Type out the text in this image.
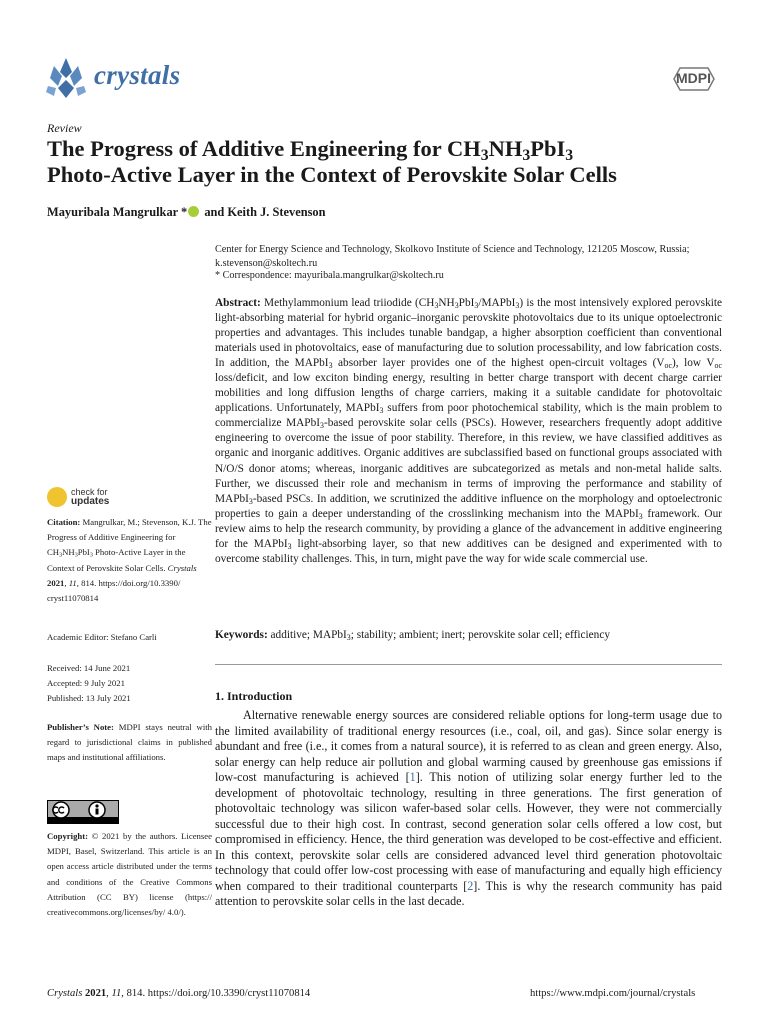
crystals	MDPI
Review
The Progress of Additive Engineering for $CH_3NH_3PbI_3$
Photo-Active Layer in the Context of Perovskite Solar Cells
Mayuribala Mangrulkar * and Keith J. Stevenson
Center for Energy Science and Technology, Skolkovo Institute of Science and Technology, 121205 Moscow, Russia;
k.stevenson@skoltech.ru
* Correspondence: mayuribala.mangrulkar@skoltech.ru
Abstract: Methylammonium lead triiodide $(CH_3NH_3PbI_3/MAPbI_3)$ is the most intensively explored perovskite light-absorbing material for hybrid organic–inorganic perovskite photovoltaics due to its unique optoelectronic properties and advantages. This includes tunable bandgap, a higher absorption coefficient than conventional materials used in photovoltaics, ease of manufacturing due to solution processability, and low fabrication costs. In addition, the MAPbI$_3$ absorber layer provides one of the highest open-circuit voltages $(V_{oc})$, low $V_{oc}$ loss/deficit, and low exciton binding energy, resulting in better charge transport with decent charge carrier mobilities and long diffusion lengths of charge carriers, making it a suitable candidate for photovoltaic applications. Unfortunately, MAPbI$_3$ suffers from poor photochemical stability, which is the main problem to commercialize MAPbI$_3$-based perovskite solar cells (PSCs). However, researchers frequently adopt additive engineering to overcome the issue of poor stability. Therefore, in this review, we have classified additives as organic and inorganic additives. Organic additives are subclassified based on functional groups associated with N/O/S donor atoms; whereas, inorganic additives are subcategorized as metals and non-metal halide salts. Further, we discussed their role and mechanism in terms of improving the performance and stability of MAPbI$_3$-based PSCs. In addition, we scrutinized the additive influence on the morphology and optoelectronic properties to gain a deeper understanding of the crosslinking mechanism into the MAPbI$_3$ framework. Our review aims to help the research community, by providing a glance of the advancement in additive engineering for the MAPbI$_3$ light-absorbing layer, so that new additives can be designed and experimented with to overcome stability challenges. This, in turn, might pave the way for wide scale commercial use.
Keywords: additive; MAPbI$_3$; stability; ambient; inert; perovskite solar cell; efficiency
1. Introduction
Alternative renewable energy sources are considered reliable options for long-term usage due to the limited availability of traditional energy resources (i.e., coal, oil, and gas). Since solar energy is abundant and free (i.e., it comes from a natural source), it is referred to as clean and green energy. Also, solar energy can help reduce air pollution and global warming caused by greenhouse gas emissions if low-cost manufacturing is achieved [1]. This notion of utilizing solar energy further led to the development of photovoltaic technology, resulting in three generations. The first generation of photovoltaic technology was silicon wafer-based solar cells. However, they were not commercially successful due to their high cost. In contrast, second generation solar cells offered a low cost, but compromised in efficiency. Hence, the third generation was developed to be cost-effective and efficient. In this context, perovskite solar cells are considered advanced level third generation photovoltaic technology that could offer low-cost processing with ease of manufacturing and equally high efficiency when compared to their traditional counterparts [2]. This is why the research community has paid attention to perovskite solar cells in the last decade.
check for
updates
Citation: Mangrulkar, M.; Stevenson, K.J. The Progress of Additive Engineering for $CH_3NH_3PbI_3$ Photo-Active Layer in the Context of Perovskite Solar Cells. Crystals 2021, 11, 814. https://doi.org/10.3390/ cryst11070814
Academic Editor: Stefano Carli
Received: 14 June 2021
Accepted: 9 July 2021
Published: 13 July 2021
Publisher’s Note: MDPI stays neutral with regard to jurisdictional claims in published maps and institutional affiliations.
Copyright: © 2021 by the authors. Licensee MDPI, Basel, Switzerland. This article is an open access article distributed under the terms and conditions of the Creative Commons Attribution (CC BY) license (https:// creativecommons.org/licenses/by/ 4.0/).
Crystals 2021, 11, 814. https://doi.org/10.3390/cryst11070814	https://www.mdpi.com/journal/crystals
